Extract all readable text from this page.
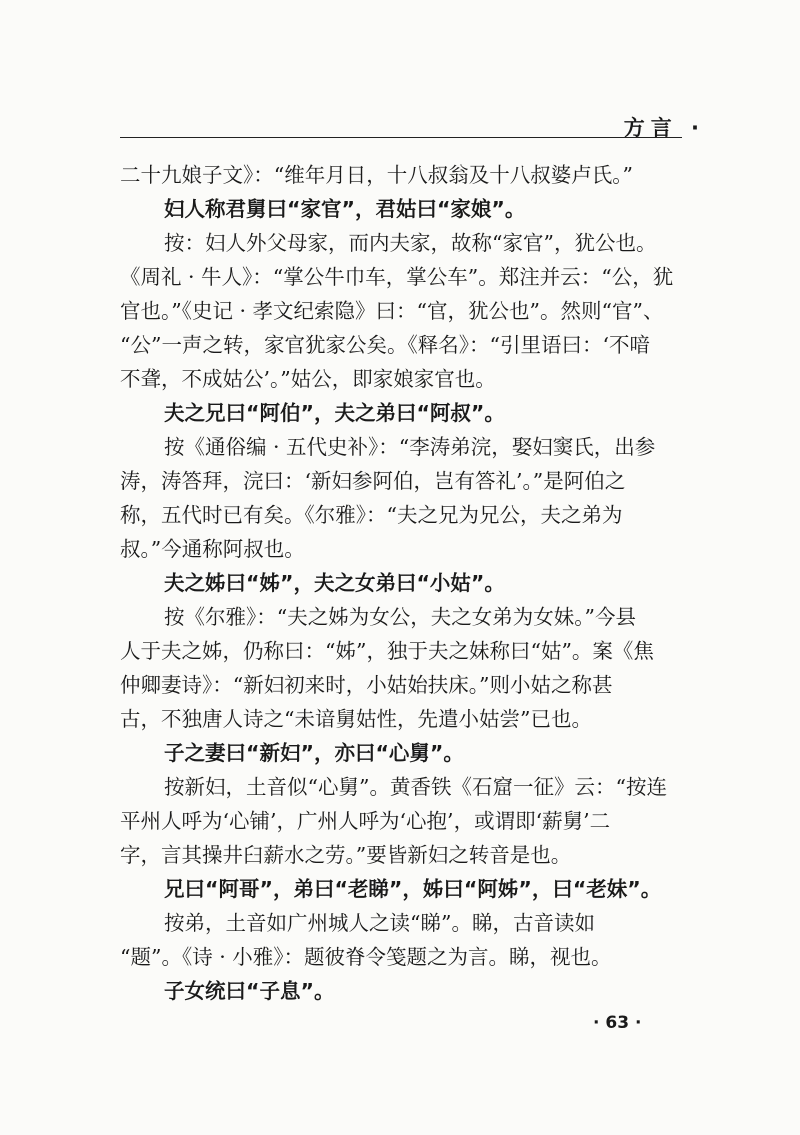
方言 ·
二十九娘子文》：“维年月日，十八叔翁及十八叔婆卢氏。”
妇人称君舅曰“家官”，君姑曰“家娘”。
按：妇人外父母家，而内夫家，故称“家官”，犹公也。
《周礼 · 牛人》：“掌公牛巾车，掌公车”。郑注并云：“公，犹
官也。”《史记 · 孝文纪索隐》曰：“官，犹公也”。然则“官”、
“公”一声之转，家官犹家公矣。《释名》：“引里语曰：‘不喑
不聋，不成姑公’。”姑公，即家娘家官也。
夫之兄曰“阿伯”，夫之弟曰“阿叔”。
按《通俗编 · 五代史补》：“李涛弟浣，娶妇窦氏，出参
涛，涛答拜，浣曰：‘新妇参阿伯，岂有答礼’。”是阿伯之
称，五代时已有矣。《尔雅》：“夫之兄为兄公，夫之弟为
叔。”今通称阿叔也。
夫之姊曰“姊”，夫之女弟曰“小姑”。
按《尔雅》：“夫之姊为女公，夫之女弟为女妹。”今县
人于夫之姊，仍称曰：“姊”，独于夫之妹称曰“姑”。案《焦
仲卿妻诗》：“新妇初来时，小姑始扶床。”则小姑之称甚
古，不独唐人诗之“未谙舅姑性，先遣小姑尝”已也。
子之妻曰“新妇”，亦曰“心舅”。
按新妇，土音似“心舅”。黄香铁《石窟一征》云：“按连
平州人呼为‘心铺’，广州人呼为‘心抱’，或谓即‘薪舅’二
字，言其操井臼薪水之劳。”要皆新妇之转音是也。
兄曰“阿哥”，弟曰“老睇”，姊曰“阿姊”，曰“老妹”。
按弟，土音如广州城人之读“睇”。睇，古音读如
“题”。《诗 · 小雅》：题彼脊令笺题之为言。睇，视也。
子女统曰“子息”。
· 63 ·
